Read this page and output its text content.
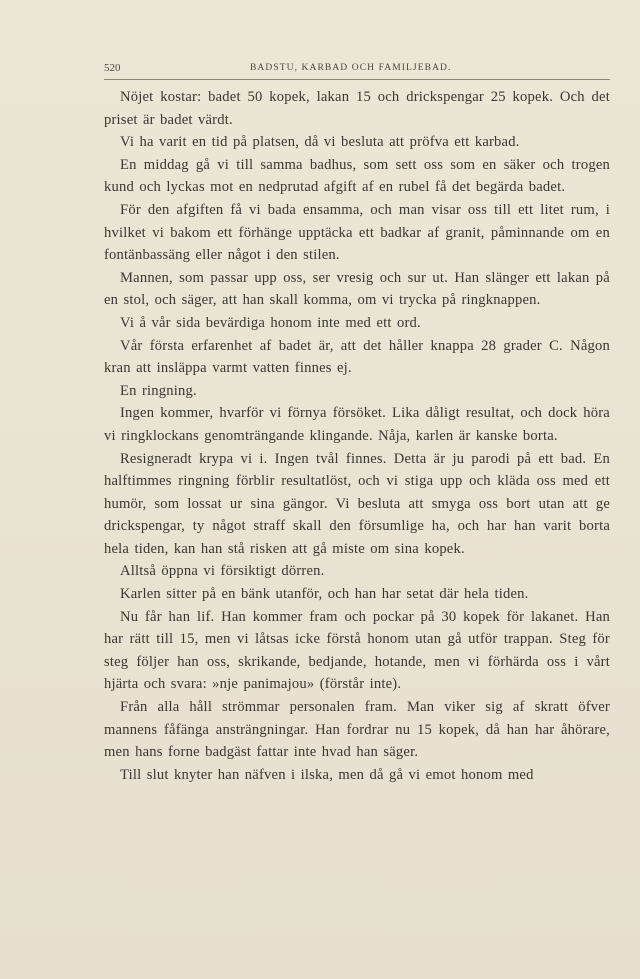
520	BADSTU, KARBAD OCH FAMILJEBAD.

Nöjet kostar: badet 50 kopek, lakan 15 och drickspengar 25 kopek. Och det priset är badet värdt.

Vi ha varit en tid på platsen, då vi besluta att pröfva ett karbad.

En middag gå vi till samma badhus, som sett oss som en säker och trogen kund och lyckas mot en nedprutad afgift af en rubel få det begärda badet.

För den afgiften få vi bada ensamma, och man visar oss till ett litet rum, i hvilket vi bakom ett förhänge upptäcka ett badkar af granit, påminnande om en fontänbassäng eller något i den stilen.

Mannen, som passar upp oss, ser vresig och sur ut. Han slänger ett lakan på en stol, och säger, att han skall komma, om vi trycka på ringknappen.

Vi å vår sida bevärdiga honom inte med ett ord.

Vår första erfarenhet af badet är, att det håller knappa 28 grader C. Någon kran att insläppa varmt vatten finnes ej.

En ringning.

Ingen kommer, hvarför vi förnya försöket. Lika dåligt resultat, och dock höra vi ringklockans genomträngande klingande. Nåja, karlen är kanske borta.

Resigneradt krypa vi i. Ingen tvål finnes. Detta är ju parodi på ett bad. En halftimmes ringning förblir resultatlöst, och vi stiga upp och kläda oss med ett humör, som lossat ur sina gängor. Vi besluta att smyga oss bort utan att ge drickspengar, ty något straff skall den försumlige ha, och har han varit borta hela tiden, kan han stå risken att gå miste om sina kopek.

Alltså öppna vi försiktigt dörren.

Karlen sitter på en bänk utanför, och han har setat där hela tiden.

Nu får han lif. Han kommer fram och pockar på 30 kopek för lakanet. Han har rätt till 15, men vi låtsas icke förstå honom utan gå utför trappan. Steg för steg följer han oss, skrikande, bedjande, hotande, men vi förhärda oss i vårt hjärta och svara: »nje panimajou» (förstår inte).

Från alla håll strömmar personalen fram. Man viker sig af skratt öfver mannens fåfänga ansträngningar. Han fordrar nu 15 kopek, då han har åhörare, men hans forne badgäst fattar inte hvad han säger.

Till slut knyter han näfven i ilska, men då gå vi emot honom med
